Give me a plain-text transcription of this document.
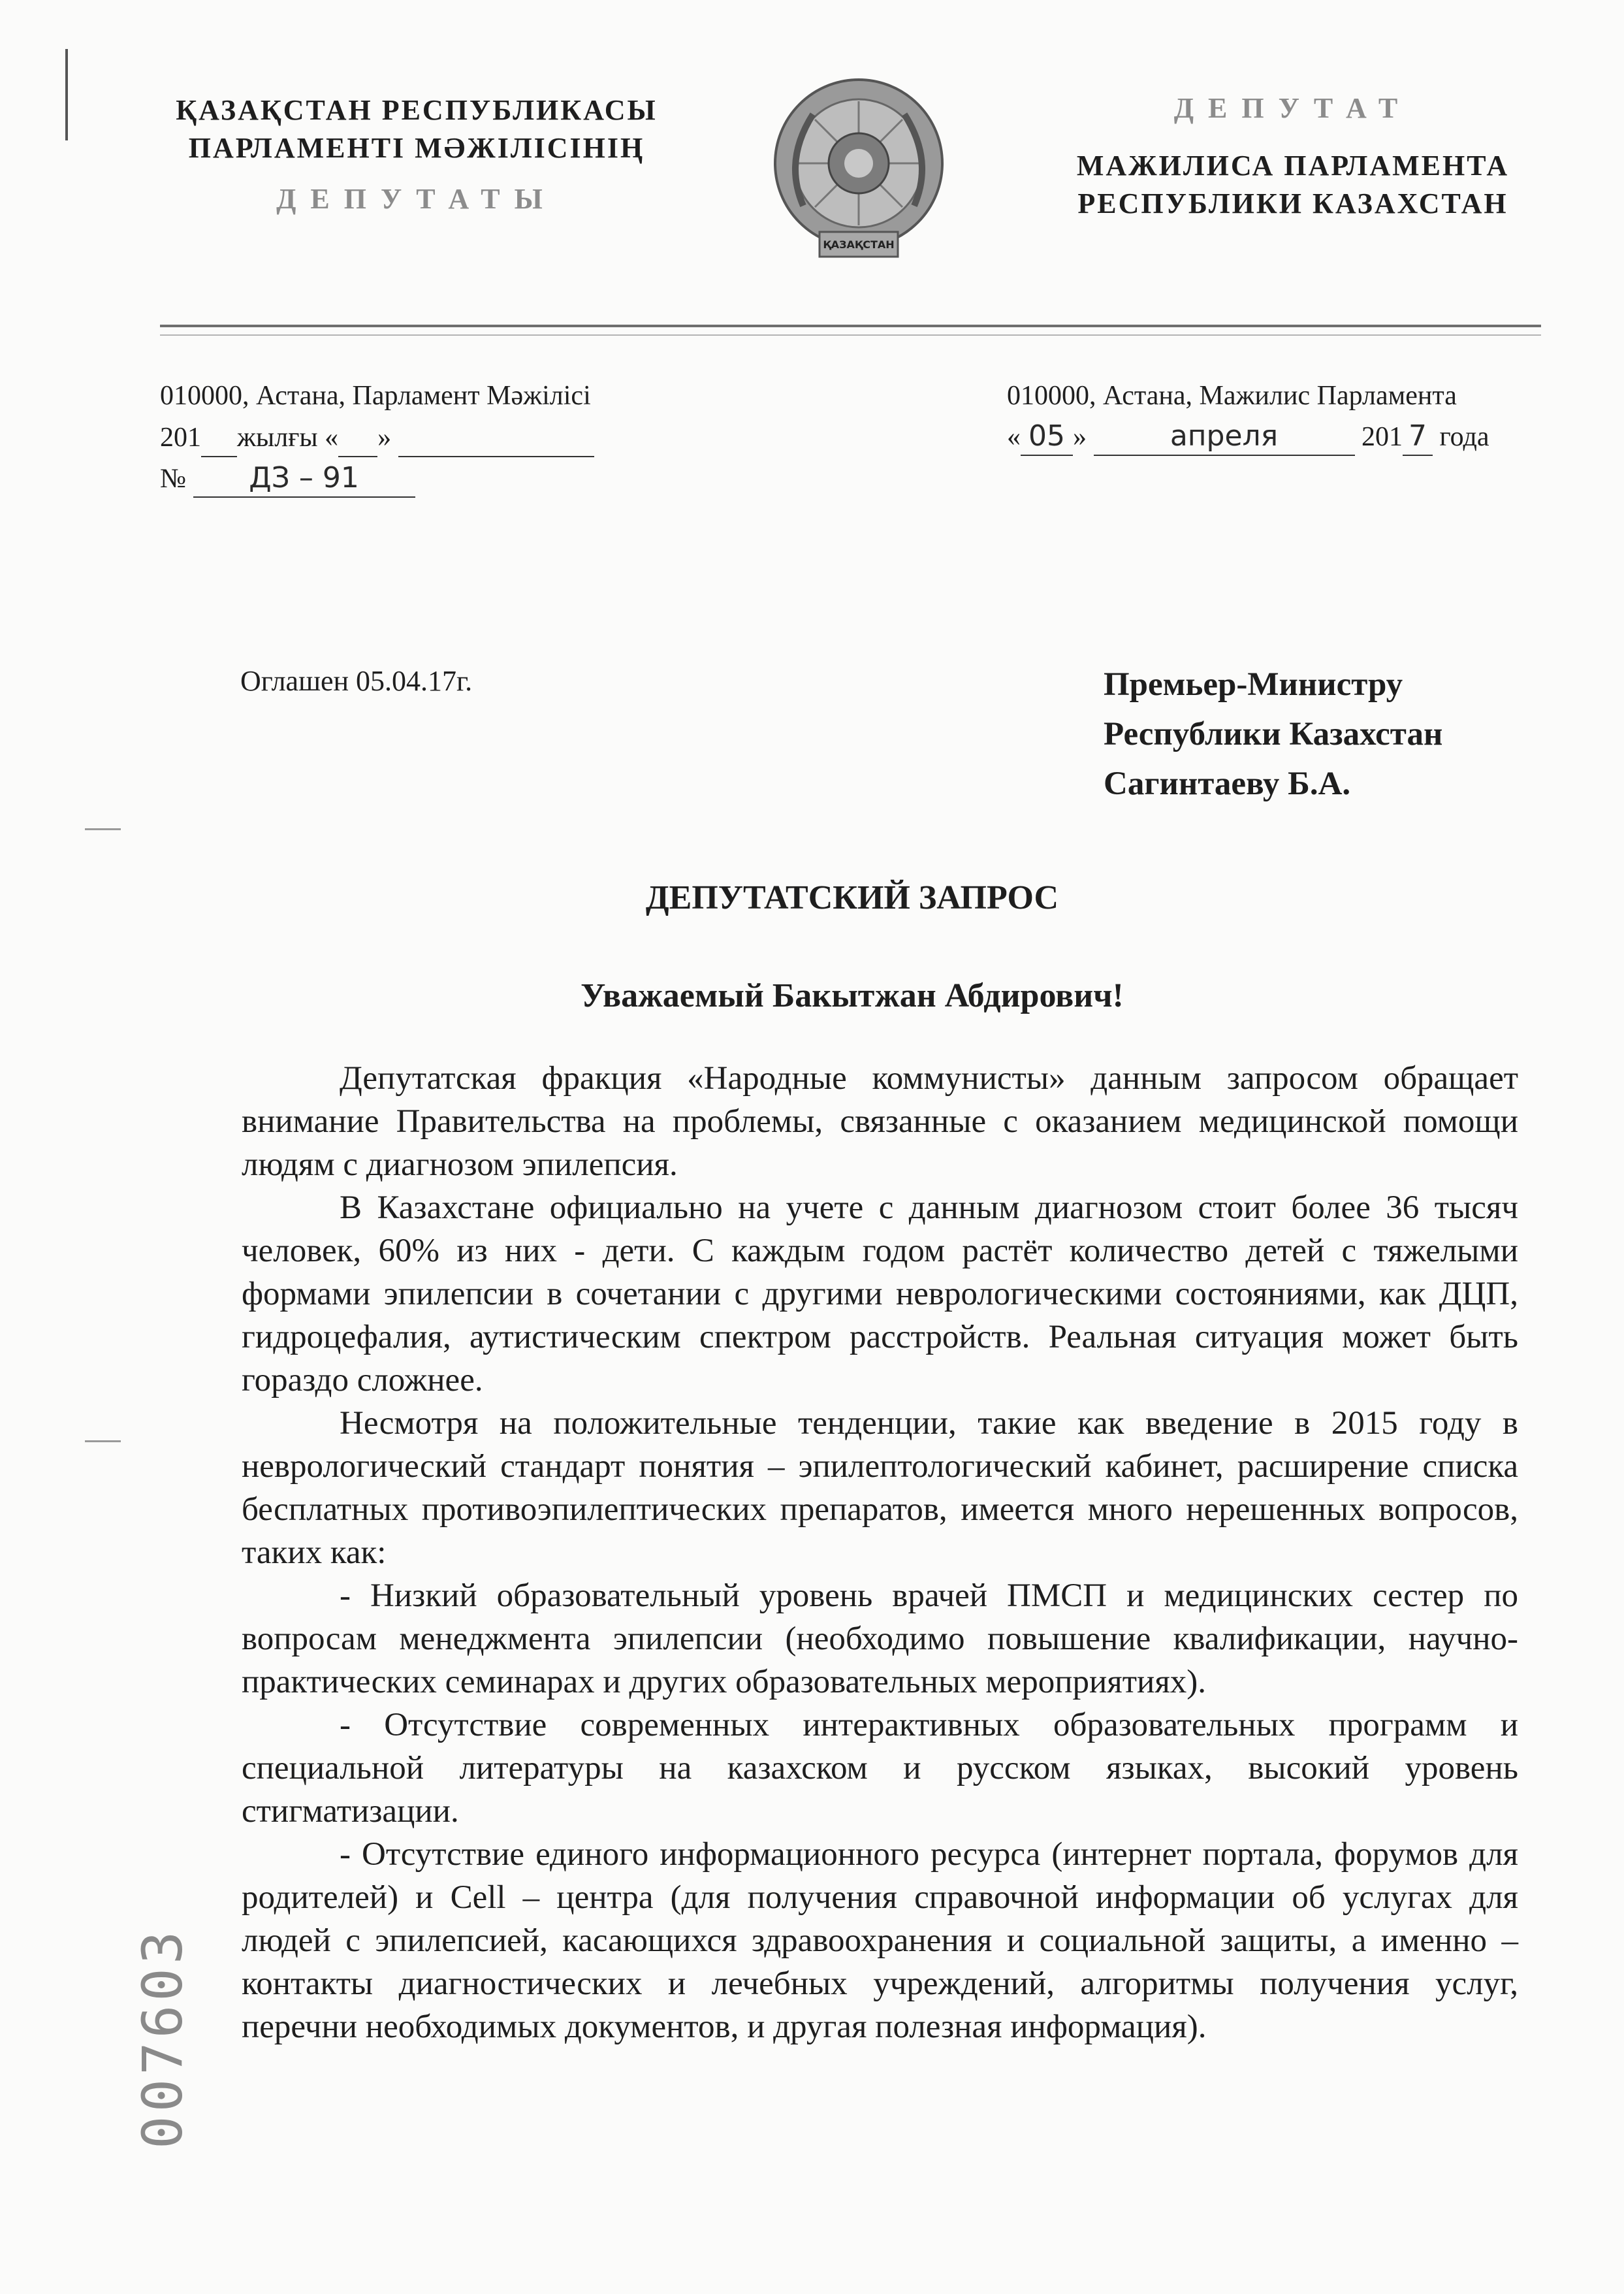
ҚАЗАҚСТАН РЕСПУБЛИКАСЫ
ПАРЛАМЕНТІ МӘЖІЛІСІНІҢ
ДЕПУТАТЫ
ҚАЗАҚСТАН
ДЕПУТАТ
МАЖИЛИСА ПАРЛАМЕНТА
РЕСПУБЛИКИ КАЗАХСТАН
010000, Астана, Парламент Мәжілісі
201 жылғы « »
№ ДЗ – 91
010000, Астана, Мажилис Парламента
« 05 »	апреля	201 7 года
Оглашен 05.04.17г.	Премьер-Министру
Республики Казахстан
Сагинтаеву Б.А.
ДЕПУТАТСКИЙ ЗАПРОС
Уважаемый Бакытжан Абдирович!

Депутатская фракция «Народные коммунисты» данным запросом обращает внимание Правительства на проблемы, связанные с оказанием медицинской помощи людям с диагнозом эпилепсия.

В Казахстане официально на учете с данным диагнозом стоит более 36 тысяч человек, 60% из них - дети. С каждым годом растёт количество детей с тяжелыми формами эпилепсии в сочетании с другими неврологическими состояниями, как ДЦП, гидроцефалия, аутистическим спектром расстройств. Реальная ситуация может быть гораздо сложнее.

Несмотря на положительные тенденции, такие как введение в 2015 году в неврологический стандарт понятия – эпилептологический кабинет, расширение списка бесплатных противоэпилептических препаратов, имеется много нерешенных вопросов, таких как:

- Низкий образовательный уровень врачей ПМСП и медицинских сестер по вопросам менеджмента эпилепсии (необходимо повышение квалификации, научно-практических семинарах и других образовательных мероприятиях).

- Отсутствие современных интерактивных образовательных программ и специальной литературы на казахском и русском языках, высокий уровень стигматизации.

- Отсутствие единого информационного ресурса (интернет портала, форумов для родителей) и Cell – центра (для получения справочной информации об услугах для людей с эпилепсией, касающихся здравоохранения и социальной защиты, а именно – контакты диагностических и лечебных учреждений, алгоритмы получения услуг, перечни необходимых документов, и другая полезная информация).

007603
